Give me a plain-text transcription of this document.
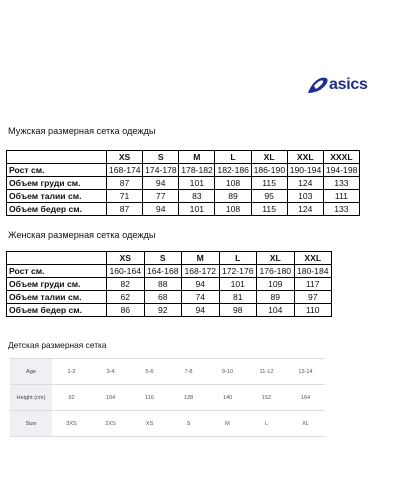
asics
Мужская размерная сетка одежды
	XS	S	M	L	XL	XXL	XXXL
Рост см.	168-174	174-178	178-182	182-186	186-190	190-194	194-198
Объем груди см.	87	94	101	108	115	124	133
Объем талии см.	71	77	83	89	95	103	111
Объем бедер см.	87	94	101	108	115	124	133
Женская размерная сетка одежды
	XS	S	M	L	XL	XXL
Рост см.	160-164	164-168	168-172	172-176	176-180	180-184
Объем груди см.	82	88	94	101	109	117
Объем талии см.	62	68	74	81	89	97
Объем бедер см.	86	92	94	98	104	110
Детская размерная сетка
Age	1-2	3-4	5-6	7-8	9-10	11-12	13-14
Height (cm)	92	104	116	128	140	152	164
Size	3XS	2XS	XS	S	M	L	XL
